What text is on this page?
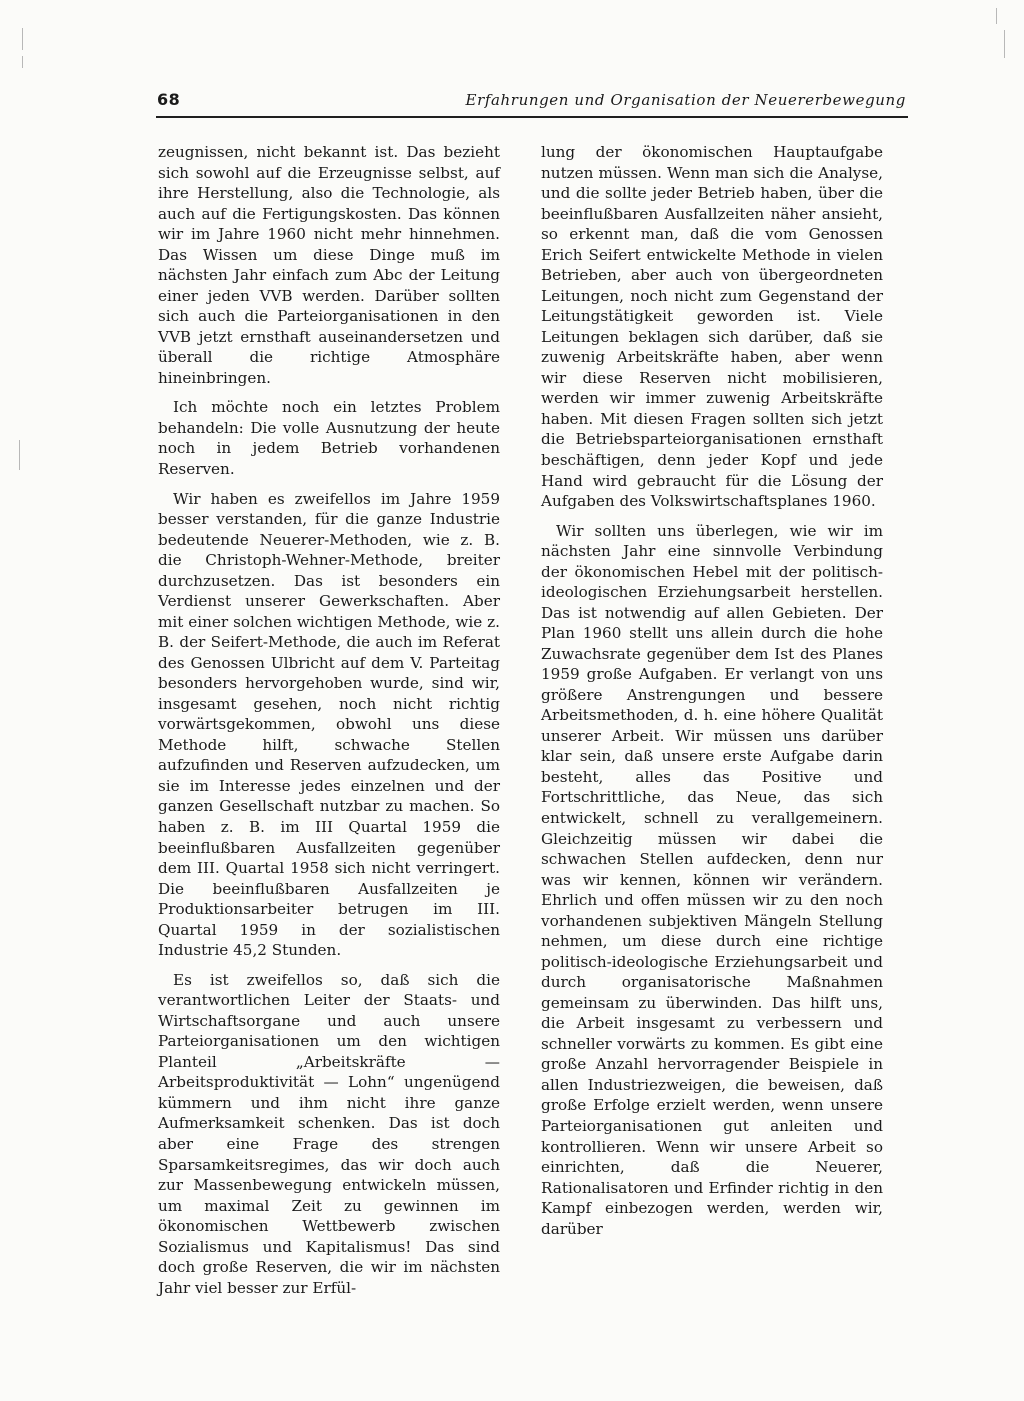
68	Erfahrungen und Organisation der Neuererbewegung

zeugnissen, nicht bekannt ist. Das bezieht sich sowohl auf die Erzeugnisse selbst, auf ihre Herstellung, also die Technologie, als auch auf die Fertigungskosten. Das können wir im Jahre 1960 nicht mehr hinnehmen. Das Wissen um diese Dinge muß im nächsten Jahr einfach zum Abc der Leitung einer jeden VVB werden. Darüber sollten sich auch die Parteiorganisationen in den VVB jetzt ernsthaft auseinandersetzen und überall die richtige Atmosphäre hineinbringen.

Ich möchte noch ein letztes Problem behandeln: Die volle Ausnutzung der heute noch in jedem Betrieb vorhandenen Reserven.

Wir haben es zweifellos im Jahre 1959 besser verstanden, für die ganze Industrie bedeutende Neuerer-Methoden, wie z. B. die Christoph-Wehner-Methode, breiter durchzusetzen. Das ist besonders ein Verdienst unserer Gewerkschaften. Aber mit einer solchen wichtigen Methode, wie z. B. der Seifert-Methode, die auch im Referat des Genossen Ulbricht auf dem V. Parteitag besonders hervorgehoben wurde, sind wir, insgesamt gesehen, noch nicht richtig vorwärtsgekommen, obwohl uns diese Methode hilft, schwache Stellen aufzufinden und Reserven aufzudecken, um sie im Interesse jedes einzelnen und der ganzen Gesellschaft nutzbar zu machen. So haben z. B. im III Quartal 1959 die beeinflußbaren Ausfallzeiten gegenüber dem III. Quartal 1958 sich nicht verringert. Die beeinflußbaren Ausfallzeiten je Produktionsarbeiter betrugen im III. Quartal 1959 in der sozialistischen Industrie 45,2 Stunden.

Es ist zweifellos so, daß sich die verantwortlichen Leiter der Staats- und Wirtschaftsorgane und auch unsere Parteiorganisationen um den wichtigen Planteil „Arbeitskräfte — Arbeitsproduktivität — Lohn“ ungenügend kümmern und ihm nicht ihre ganze Aufmerksamkeit schenken. Das ist doch aber eine Frage des strengen Sparsamkeitsregimes, das wir doch auch zur Massenbewegung entwickeln müssen, um maximal Zeit zu gewinnen im ökonomischen Wettbewerb zwischen Sozialismus und Kapitalismus! Das sind doch große Reserven, die wir im nächsten Jahr viel besser zur Erfül-

lung der ökonomischen Hauptaufgabe nutzen müssen. Wenn man sich die Analyse, und die sollte jeder Betrieb haben, über die beeinflußbaren Ausfallzeiten näher ansieht, so erkennt man, daß die vom Genossen Erich Seifert entwickelte Methode in vielen Betrieben, aber auch von übergeordneten Leitungen, noch nicht zum Gegenstand der Leitungstätigkeit geworden ist. Viele Leitungen beklagen sich darüber, daß sie zuwenig Arbeitskräfte haben, aber wenn wir diese Reserven nicht mobilisieren, werden wir immer zuwenig Arbeitskräfte haben. Mit diesen Fragen sollten sich jetzt die Betriebsparteiorganisationen ernsthaft beschäftigen, denn jeder Kopf und jede Hand wird gebraucht für die Lösung der Aufgaben des Volkswirtschaftsplanes 1960.

Wir sollten uns überlegen, wie wir im nächsten Jahr eine sinnvolle Verbindung der ökonomischen Hebel mit der politisch-ideologischen Erziehungsarbeit herstellen. Das ist notwendig auf allen Gebieten. Der Plan 1960 stellt uns allein durch die hohe Zuwachsrate gegenüber dem Ist des Planes 1959 große Aufgaben. Er verlangt von uns größere Anstrengungen und bessere Arbeitsmethoden, d. h. eine höhere Qualität unserer Arbeit. Wir müssen uns darüber klar sein, daß unsere erste Aufgabe darin besteht, alles das Positive und Fortschrittliche, das Neue, das sich entwickelt, schnell zu verallgemeinern. Gleichzeitig müssen wir dabei die schwachen Stellen aufdecken, denn nur was wir kennen, können wir verändern. Ehrlich und offen müssen wir zu den noch vorhandenen subjektiven Mängeln Stellung nehmen, um diese durch eine richtige politisch-ideologische Erziehungsarbeit und durch organisatorische Maßnahmen gemeinsam zu überwinden. Das hilft uns, die Arbeit insgesamt zu verbessern und schneller vorwärts zu kommen. Es gibt eine große Anzahl hervorragender Beispiele in allen Industriezweigen, die beweisen, daß große Erfolge erzielt werden, wenn unsere Parteiorganisationen gut anleiten und kontrollieren. Wenn wir unsere Arbeit so einrichten, daß die Neuerer, Rationalisatoren und Erfinder richtig in den Kampf einbezogen werden, werden wir, darüber
